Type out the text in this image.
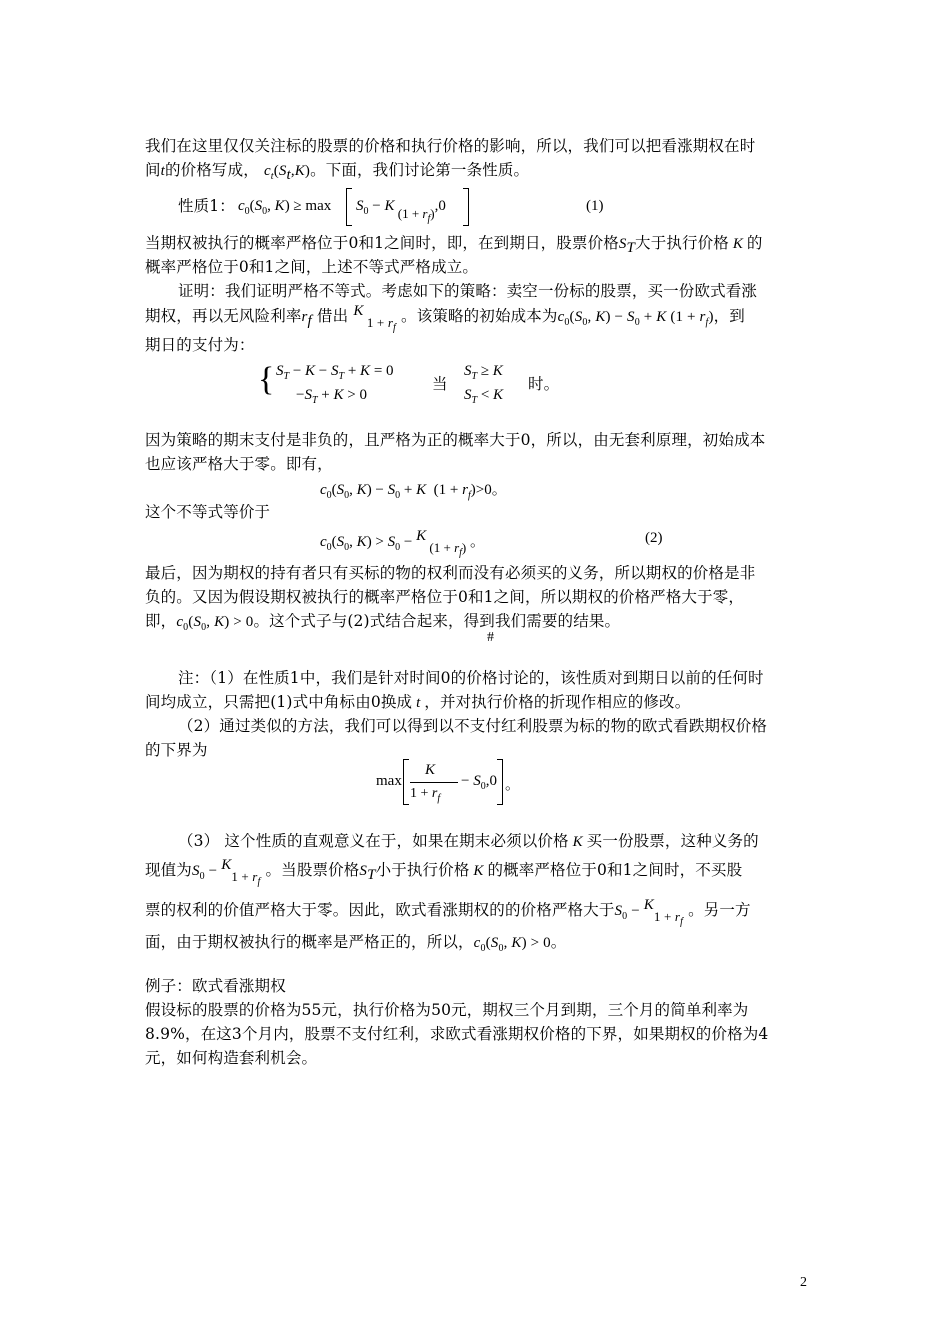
我们在这里仅仅关注标的股票的价格和执行价格的影响，所以，我们可以把看涨期权在时
间t的价格写成， $c_t(S_t,K)$。下面，我们讨论第一条性质。
性质1： $c_0(S_0$, $K) \ge \max S_0 - K$ $(1 + r_f),0$	(1)
当期权被执行的概率严格位于0和1之间时，即，在到期日，股票价格$S_T$大于执行价格 K 的
概率严格位于0和1之间，上述不等式严格成立。
证明：我们证明严格不等式。考虑如下的策略：卖空一份标的股票，买一份欧式看涨
期权，再以无风险利率$r_f$ 借出 K $_{1 + r_f}$ 。该策略的初始成本为$c_0(S_0$, $K) - S_0 + K$ $(1 + r_f)$，到
期日的支付为：
{ $S_T - K - S_T + K = 0$
$-S_T + K > 0$
当
$S_T \ge K$
$S_T < K$
时。
因为策略的期末支付是非负的，且严格为正的概率大于0，所以，由无套利原理，初始成本
也应该严格大于零。即有，
$c_0(S_0$, $K) - S_0 + K$  $(1 + r_f)>0$。
这个不等式等价于
$c_0(S_0$, $K) > S_0 - K$ $(1 + r_f)$ 。	(2)
最后，因为期权的持有者只有买标的物的权利而没有必须买的义务，所以期权的价格是非
负的。又因为假设期权被执行的概率严格位于0和1之间，所以期权的价格严格大于零，
即，$c_0(S_0$, K) > 0。这个式子与(2)式结合起来，得到我们需要的结果。
#
注：（1）在性质1中，我们是针对时间0的价格讨论的，该性质对到期日以前的任何时
间均成立，只需把(1)式中角标由0换成 t ，并对执行价格的折现作相应的修改。
（2）通过类似的方法，我们可以得到以不支付红利股票为标的物的欧式看跌期权价格
的下界为
max
K
$1 + r_f$
− $S_0,0$ 。
（3） 这个性质的直观意义在于，如果在期末必须以价格 K 买一份股票，这种义务的
现值为$S_0 - K1 + r_f$ 。当股票价格$S_T$小于执行价格 K 的概率严格位于0和1之间时，不买股
票的权利的价值严格大于零。因此，欧式看涨期权的的价格严格大于$S_0 - K1 + r_f$ 。另一方
面，由于期权被执行的概率是严格正的，所以，$c_0(S_0$, K) > 0。
例子：欧式看涨期权
假设标的股票的价格为55元，执行价格为50元，期权三个月到期，三个月的简单利率为
8.9%，在这3个月内，股票不支付红利，求欧式看涨期权价格的下界，如果期权的价格为4
元，如何构造套利机会。
2
